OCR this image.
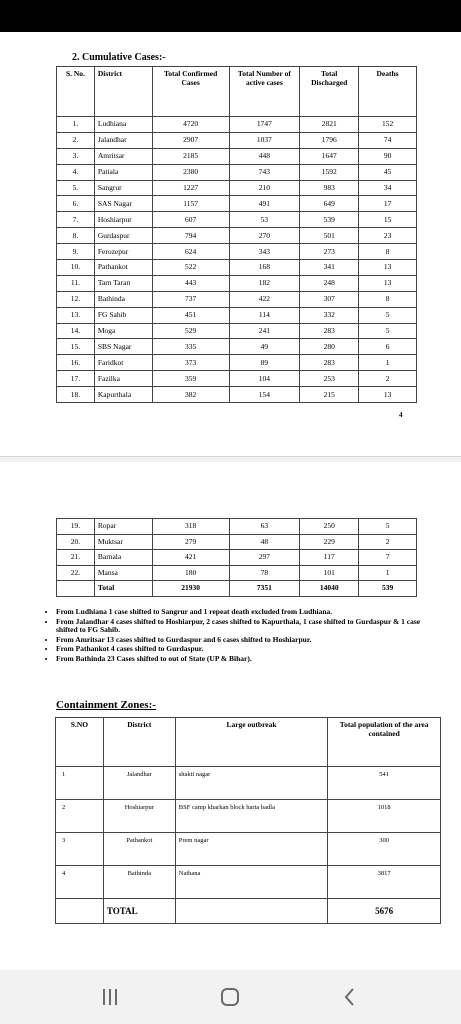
2. Cumulative Cases:-
S. No.	District	Total Confirmed Cases	Total Number of active cases	Total Discharged	Deaths
1.	Ludhiana	4720	1747	2821	152
2.	Jalandhar	2907	1037	1796	74
3.	Amritsar	2185	448	1647	90
4.	Patiala	2380	743	1592	45
5.	Sangrur	1227	210	983	34
6.	SAS Nagar	1157	491	649	17
7.	Hoshiarpur	607	53	539	15
8.	Gurdaspur	794	270	501	23
9.	Ferozepur	624	343	273	8
10.	Pathankot	522	168	341	13
11.	Tarn Taran	443	182	248	13
12.	Bathinda	737	422	307	8
13.	FG Sahib	451	114	332	5
14.	Moga	529	241	283	5
15.	SBS Nagar	335	49	280	6
16.	Faridkot	373	89	283	1
17.	Fazilka	359	104	253	2
18.	Kapurthala	382	154	215	13
4
19.	Ropar	318	63	250	5
20.	Muktsar	279	48	229	2
21.	Barnala	421	297	117	7
22.	Mansa	180	78	101	1
	Total	21930	7351	14040	539
• From Ludhiana 1 case shifted to Sangrur and 1 repeat death excluded from Ludhiana.
• From Jalandhar 4 cases shifted to Hoshiarpur, 2 cases shifted to Kapurthala, 1 case shifted to Gurdaspur & 1 case shifted to FG Sahib.
• From Amritsar 13 cases shifted to Gurdaspur and 6 cases shifted to Hoshiarpur.
• From Pathankot 4 cases shifted to Gurdaspur.
• From Bathinda 23 Cases shifted to out of State (UP & Bihar).
Containment Zones:-
S.NO	District	Large outbreak	Total population of the area contained
1	Jalandhar	shakti nagar	541
2	Hoshiarpur	BSF camp kharkan block harta badla	1018
3	Pathankot	Prem nagar	300
4	Bathinda	Nathana	3817
	TOTAL		5676
